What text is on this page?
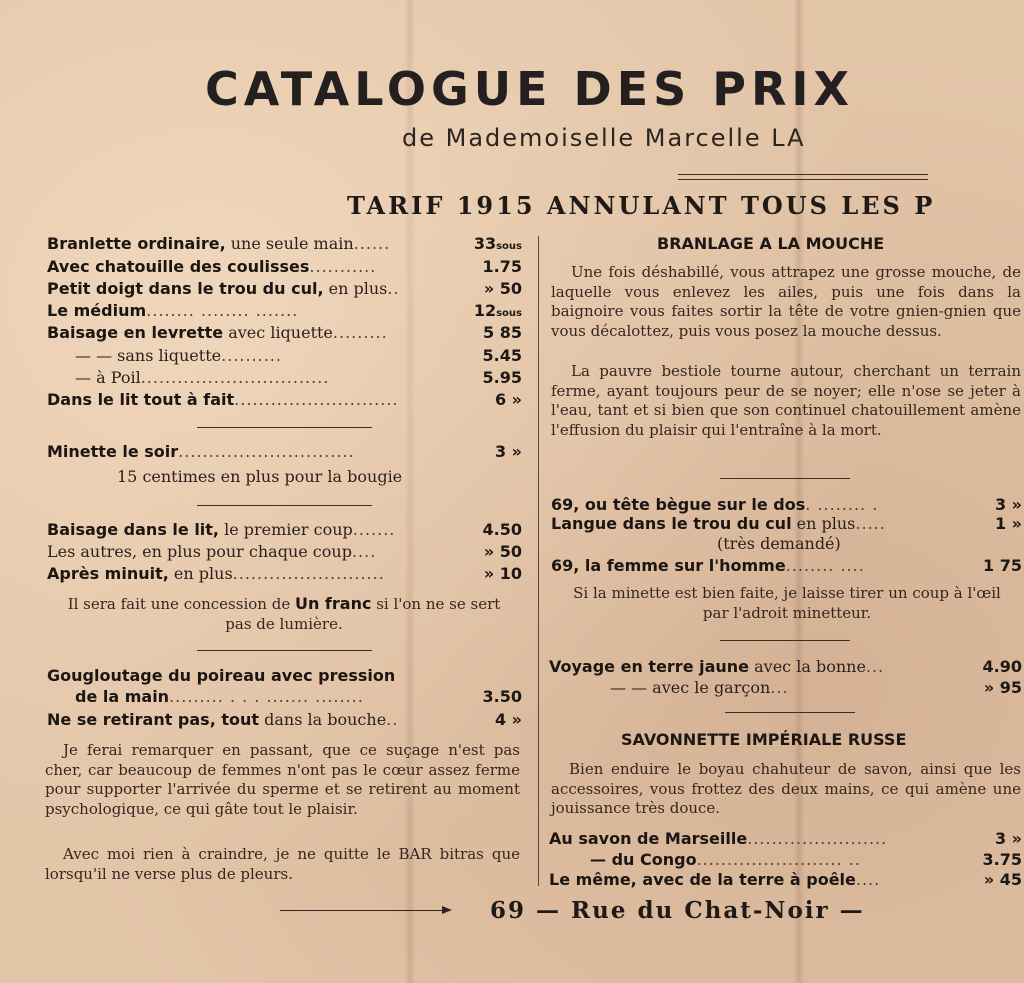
CATALOGUE DES PRIX
de Mademoiselle Marcelle LA
TARIF 1915 ANNULANT TOUS LES P
Branlette ordinaire, une seule main......	33sous
Avec chatouille des coulisses...........	1.75
Petit doigt dans le trou du cul, en plus..	» 50
Le médium........ ........ .......	12sous
Baisage en levrette avec liquette.........	5 85
— — sans liquette..........	5.45
— à Poil...............................	5.95
Dans le lit tout à fait...........................	6 »
Minette le soir.............................	3 »
15 centimes en plus pour la bougie
Baisage dans le lit, le premier coup.......	4.50
Les autres, en plus pour chaque coup....	» 50
Après minuit, en plus.........................	» 10
Il sera fait une concession de Un franc si l'on ne se sert pas de lumière.
Gougloutage du poireau avec pression
de la main......... . . . ....... ........	3.50
Ne se retirant pas, tout dans la bouche..	4 »
Je ferai remarquer en passant, que ce suçage n'est pas cher, car beaucoup de femmes n'ont pas le cœur assez ferme pour supporter l'arrivée du sperme et se retirent au moment psychologique, ce qui gâte tout le plaisir.
Avec moi rien à craindre, je ne quitte le BAR bitras que lorsqu'il ne verse plus de pleurs.
BRANLAGE A LA MOUCHE
Une fois déshabillé, vous attrapez une grosse mouche, de laquelle vous enlevez les ailes, puis une fois dans la baignoire vous faites sortir la tête de votre gnien-gnien que vous décalottez, puis vous posez la mouche dessus.
La pauvre bestiole tourne autour, cherchant un terrain ferme, ayant toujours peur de se noyer; elle n'ose se jeter à l'eau, tant et si bien que son continuel chatouillement amène l'effusion du plaisir qui l'entraîne à la mort.
69, ou tête bègue sur le dos. ........ .	3 »
Langue dans le trou du cul en plus.....	1 »
(très demandé)
69, la femme sur l'homme........ ....	1 75
Si la minette est bien faite, je laisse tirer un coup à l'œil par l'adroit minetteur.
Voyage en terre jaune avec la bonne...	4.90
— — avec le garçon...	» 95
SAVONNETTE IMPÉRIALE RUSSE
Bien enduire le boyau chahuteur de savon, ainsi que les accessoires, vous frottez des deux mains, ce qui amène une jouissance très douce.
Au savon de Marseille.......................	3 »
— du Congo........................ ..	3.75
Le même, avec de la terre à poêle....	» 45
69 — Rue du Chat-Noir —
